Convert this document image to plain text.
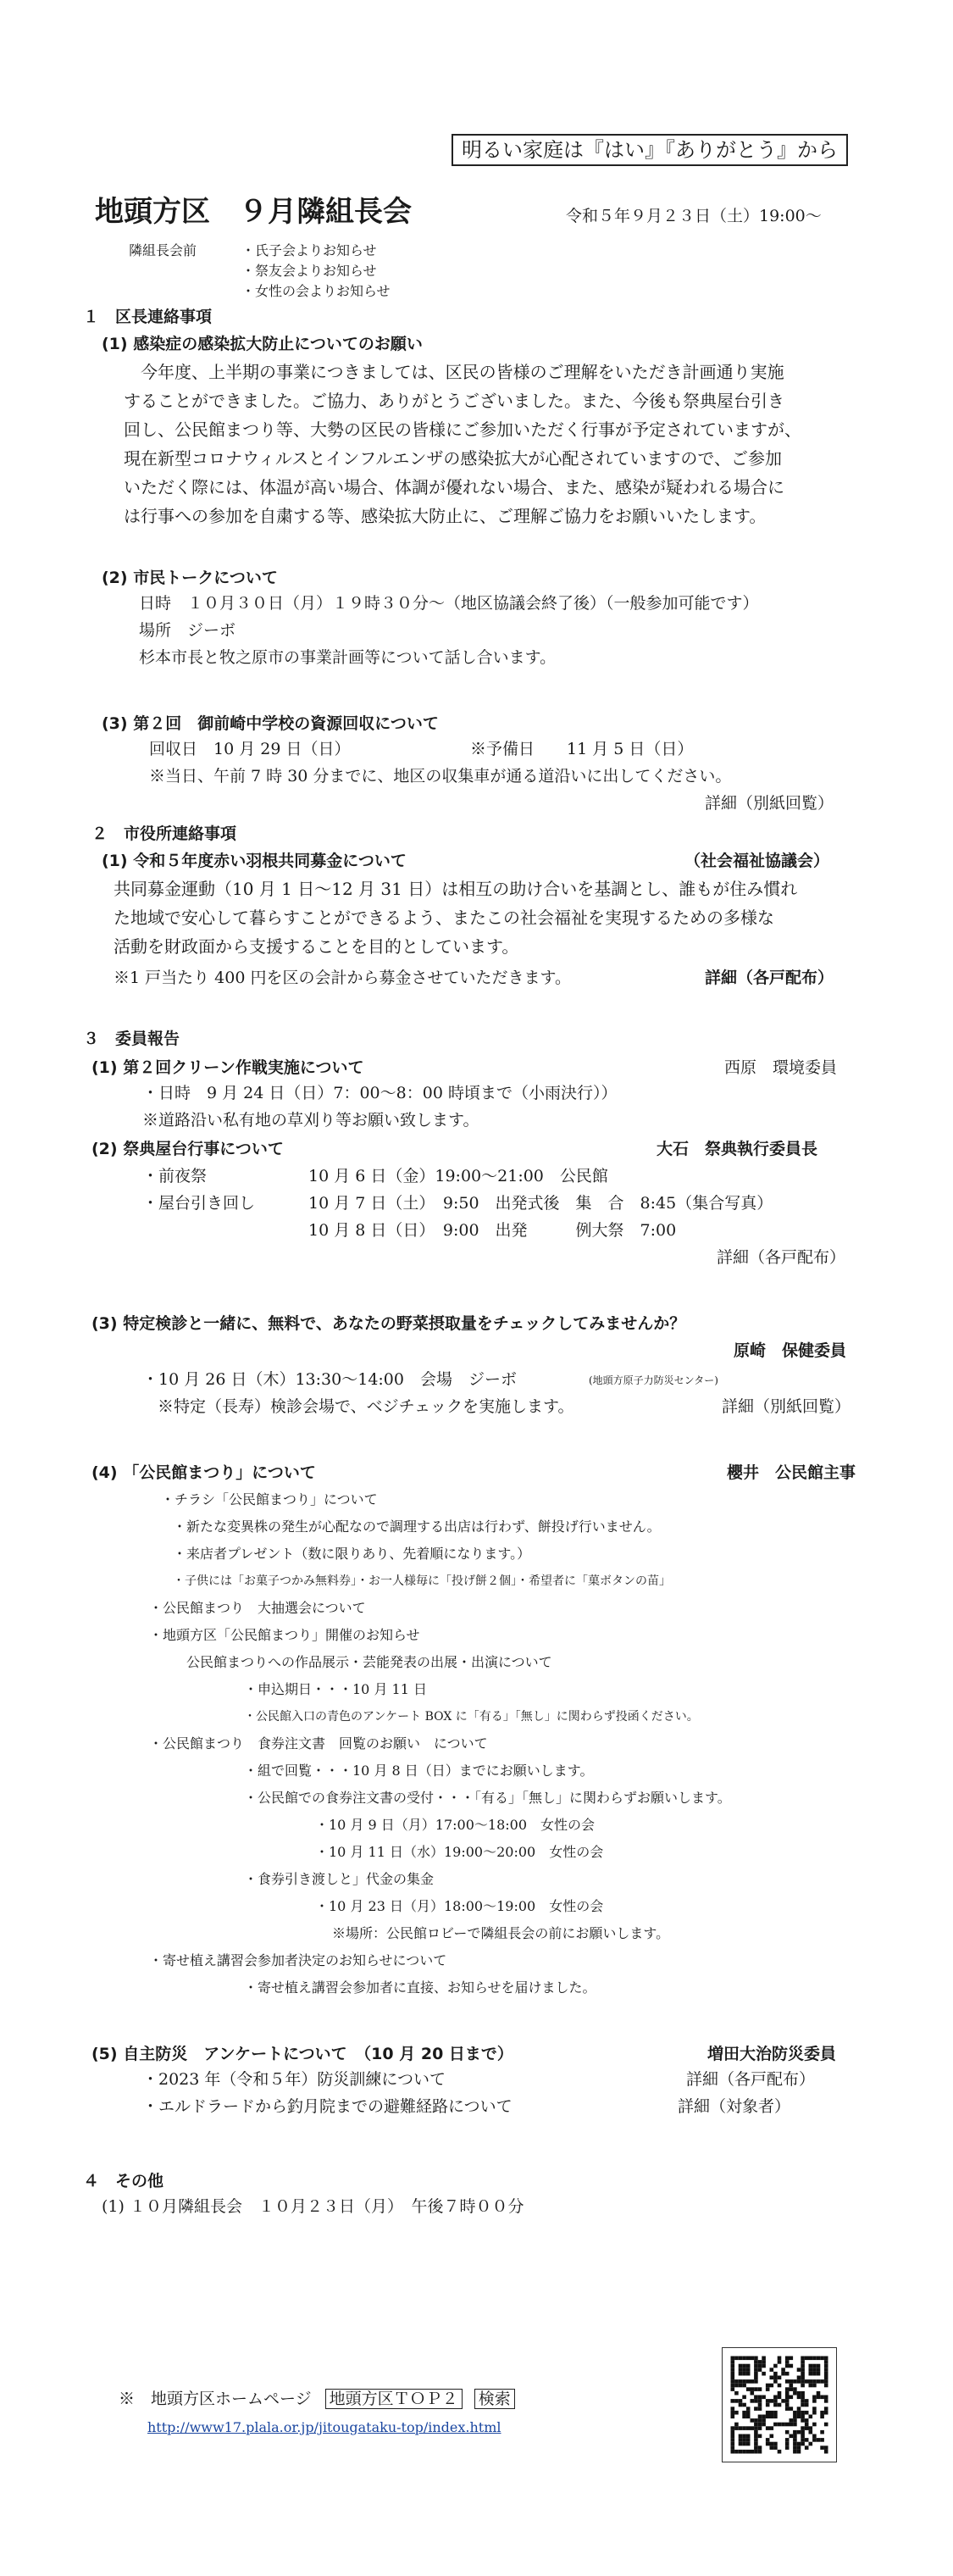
明るい家庭は『はい』『ありがとう』から
地頭方区　９月隣組長会	令和５年９月２３日（土）19:00～
隣組長会前	・氏子会よりお知らせ
・祭友会よりお知らせ
・女性の会よりお知らせ
１　区長連絡事項
(1) 感染症の感染拡大防止についてのお願い
　今年度、上半期の事業につきましては、区民の皆様のご理解をいただき計画通り実施
することができました。ご協力、ありがとうございました。また、今後も祭典屋台引き
回し、公民館まつり等、大勢の区民の皆様にご参加いただく行事が予定されていますが、
現在新型コロナウィルスとインフルエンザの感染拡大が心配されていますので、ご参加
いただく際には、体温が高い場合、体調が優れない場合、また、感染が疑われる場合に
は行事への参加を自粛する等、感染拡大防止に、ご理解ご協力をお願いいたします。
(2) 市民トークについて
日時　１０月３０日（月）１９時３０分～（地区協議会終了後）（一般参加可能です）
場所　ジーボ
杉本市長と牧之原市の事業計画等について話し合います。
(3) 第２回　御前崎中学校の資源回収について
回収日　10 月 29 日（日）	※予備日　　11 月 5 日（日）
※当日、午前 7 時 30 分までに、地区の収集車が通る道沿いに出してください。
詳細（別紙回覧）
２　市役所連絡事項
(1) 令和５年度赤い羽根共同募金について	（社会福祉協議会）
共同募金運動（10 月 1 日～12 月 31 日）は相互の助け合いを基調とし、誰もが住み慣れ
た地域で安心して暮らすことができるよう、またこの社会福祉を実現するための多様な
活動を財政面から支援することを目的としています。
※1 戸当たり 400 円を区の会計から募金させていただきます。	詳細（各戸配布）
３　委員報告
(1) 第２回クリーン作戦実施について	西原　環境委員
・日時　9 月 24 日（日）7：00～8：00 時頃まで（小雨決行））
※道路沿い私有地の草刈り等お願い致します。
(2) 祭典屋台行事について	大石　祭典執行委員長
・前夜祭	10 月 6 日（金）19:00～21:00　公民館
・屋台引き回し	10 月 7 日（土）　9:50　出発式後　集　合　8:45（集合写真）
10 月 8 日（日）　9:00　出発　　　例大祭　7:00
詳細（各戸配布）
(3) 特定検診と一緒に、無料で、あなたの野菜摂取量をチェックしてみませんか？
原崎　保健委員
・10 月 26 日（木）13:30～14:00　会場　ジーボ	(地頭方原子力防災センター)
※特定（長寿）検診会場で、ベジチェックを実施します。	詳細（別紙回覧）
(4) 「公民館まつり」について	櫻井　公民館主事
・チラシ「公民館まつり」について
・新たな変異株の発生が心配なので調理する出店は行わず、餅投げ行いません。
・来店者プレゼント（数に限りあり、先着順になります。）
・子供には「お菓子つかみ無料券」・お一人様毎に「投げ餅２個」・希望者に「菓ボタンの苗」
・公民館まつり　大抽選会について
・地頭方区「公民館まつり」開催のお知らせ
公民館まつりへの作品展示・芸能発表の出展・出演について
・申込期日・・・10 月 11 日
・公民館入口の青色のアンケート BOX に「有る」「無し」に関わらず投函ください。
・公民館まつり　食券注文書　回覧のお願い　について
・組で回覧・・・10 月 8 日（日）までにお願いします。
・公民館での食券注文書の受付・・・「有る」「無し」に関わらずお願いします。
・10 月 9 日（月）17:00～18:00　女性の会
・10 月 11 日（水）19:00～20:00　女性の会
・食券引き渡しと」代金の集金
・10 月 23 日（月）18:00～19:00　女性の会
※場所：公民館ロビーで隣組長会の前にお願いします。
・寄せ植え講習会参加者決定のお知らせについて
・寄せ植え講習会参加者に直接、お知らせを届けました。
(5) 自主防災　アンケートについて　（10 月 20 日まで）	増田大治防災委員
・2023 年（令和５年）防災訓練について	詳細（各戸配布）
・エルドラードから釣月院までの避難経路について	詳細（対象者）
４　その他
(1) １０月隣組長会　１０月２３日（月）　午後７時００分
※　地頭方区ホームページ 地頭方区ＴＯＰ２ 検索
http://www17.plala.or.jp/jitougataku-top/index.html
